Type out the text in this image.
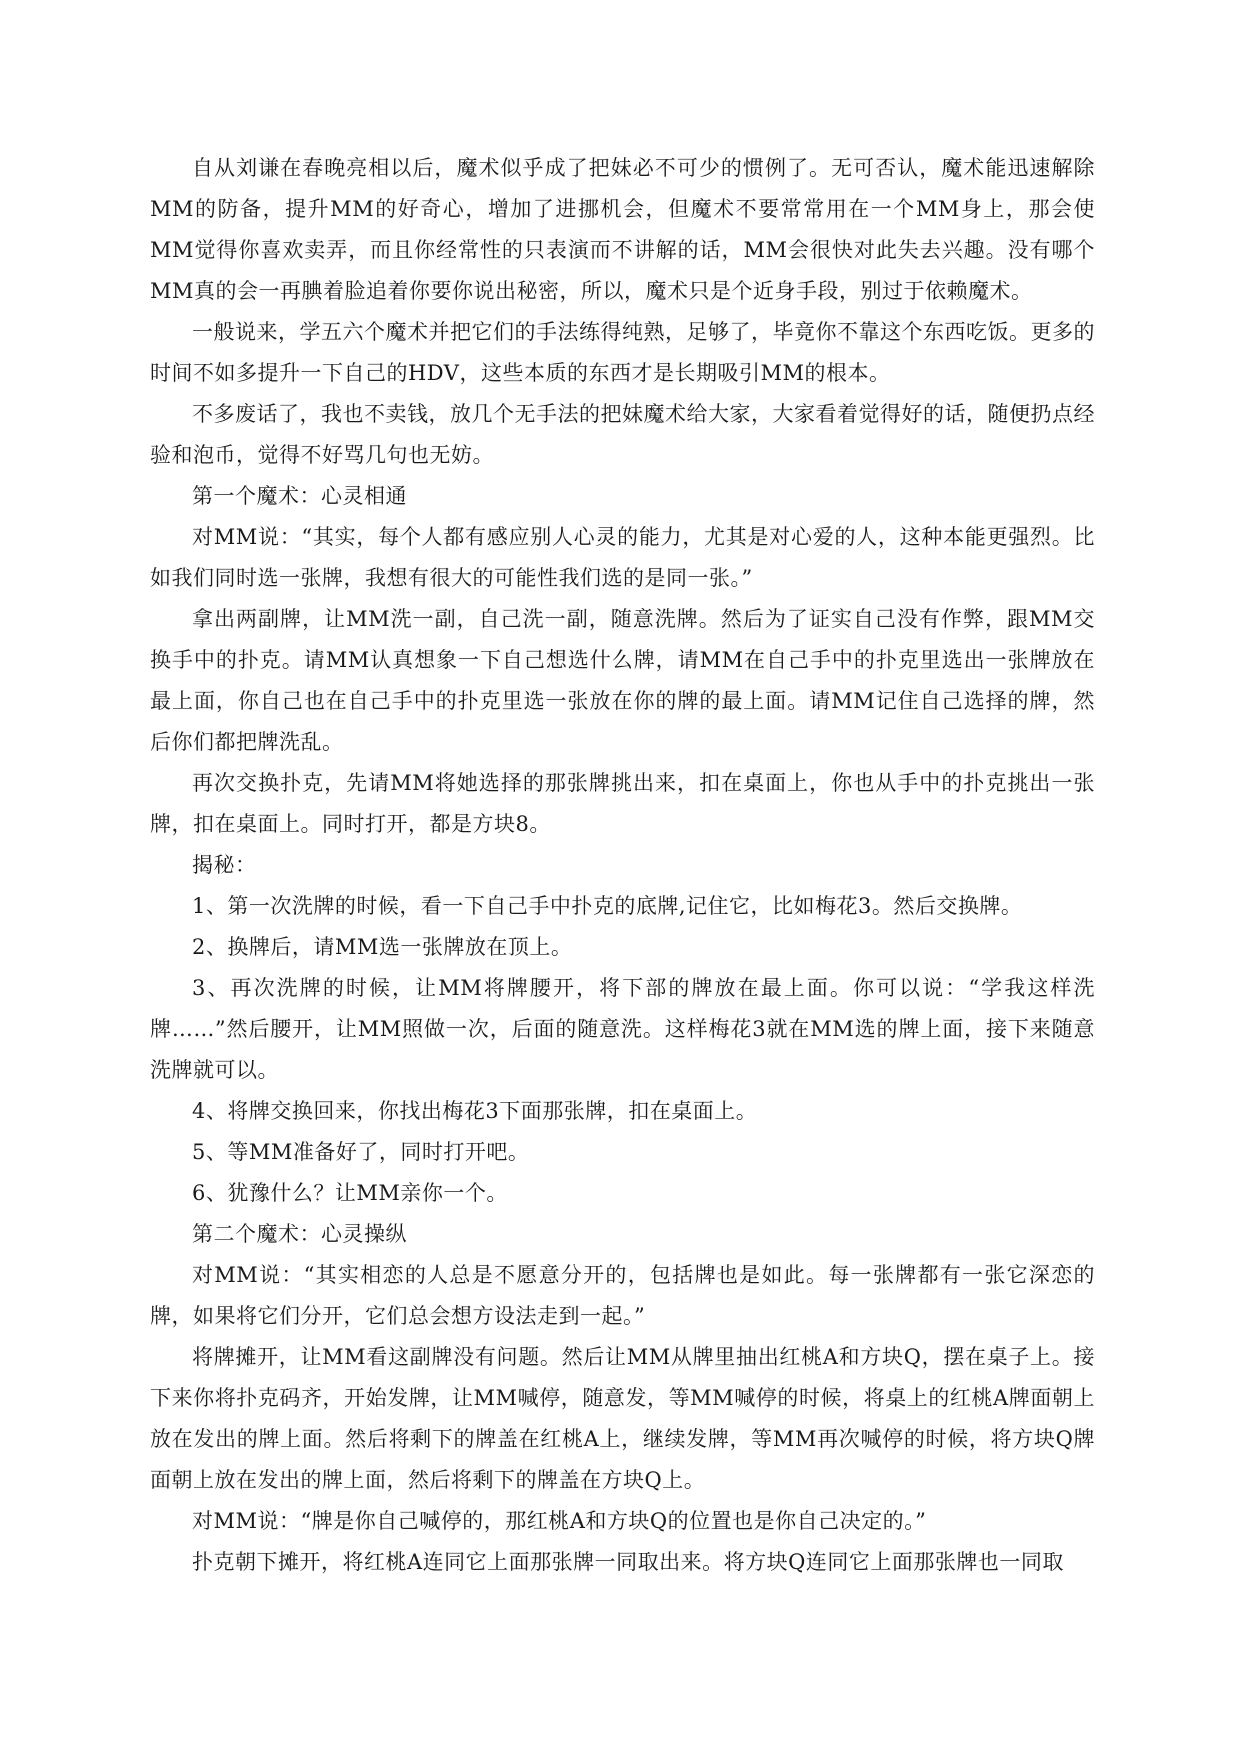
自从刘谦在春晚亮相以后，魔术似乎成了把妹必不可少的惯例了。无可否认，魔术能迅速解除MM的防备，提升MM的好奇心，增加了进挪机会，但魔术不要常常用在一个MM身上，那会使MM觉得你喜欢卖弄，而且你经常性的只表演而不讲解的话，MM会很快对此失去兴趣。没有哪个MM真的会一再腆着脸追着你要你说出秘密，所以，魔术只是个近身手段，别过于依赖魔术。

一般说来，学五六个魔术并把它们的手法练得纯熟，足够了，毕竟你不靠这个东西吃饭。更多的时间不如多提升一下自己的HDV，这些本质的东西才是长期吸引MM的根本。

不多废话了，我也不卖钱，放几个无手法的把妹魔术给大家，大家看着觉得好的话，随便扔点经验和泡币，觉得不好骂几句也无妨。

第一个魔术：心灵相通

对MM说：“其实，每个人都有感应别人心灵的能力，尤其是对心爱的人，这种本能更强烈。比如我们同时选一张牌，我想有很大的可能性我们选的是同一张。”

拿出两副牌，让MM洗一副，自己洗一副，随意洗牌。然后为了证实自己没有作弊，跟MM交换手中的扑克。请MM认真想象一下自己想选什么牌，请MM在自己手中的扑克里选出一张牌放在最上面，你自己也在自己手中的扑克里选一张放在你的牌的最上面。请MM记住自己选择的牌，然后你们都把牌洗乱。

再次交换扑克，先请MM将她选择的那张牌挑出来，扣在桌面上，你也从手中的扑克挑出一张牌，扣在桌面上。同时打开，都是方块8。

揭秘：

1、第一次洗牌的时候，看一下自己手中扑克的底牌,记住它，比如梅花3。然后交换牌。

2、换牌后，请MM选一张牌放在顶上。

3、再次洗牌的时候，让MM将牌腰开，将下部的牌放在最上面。你可以说：“学我这样洗牌……”然后腰开，让MM照做一次，后面的随意洗。这样梅花3就在MM选的牌上面，接下来随意洗牌就可以。

4、将牌交换回来，你找出梅花3下面那张牌，扣在桌面上。

5、等MM准备好了，同时打开吧。

6、犹豫什么？让MM亲你一个。

第二个魔术：心灵操纵

对MM说：“其实相恋的人总是不愿意分开的，包括牌也是如此。每一张牌都有一张它深恋的牌，如果将它们分开，它们总会想方设法走到一起。”

将牌摊开，让MM看这副牌没有问题。然后让MM从牌里抽出红桃A和方块Q，摆在桌子上。接下来你将扑克码齐，开始发牌，让MM喊停，随意发，等MM喊停的时候，将桌上的红桃A牌面朝上放在发出的牌上面。然后将剩下的牌盖在红桃A上，继续发牌，等MM再次喊停的时候，将方块Q牌面朝上放在发出的牌上面，然后将剩下的牌盖在方块Q上。

对MM说：“牌是你自己喊停的，那红桃A和方块Q的位置也是你自己决定的。”

扑克朝下摊开，将红桃A连同它上面那张牌一同取出来。将方块Q连同它上面那张牌也一同取
